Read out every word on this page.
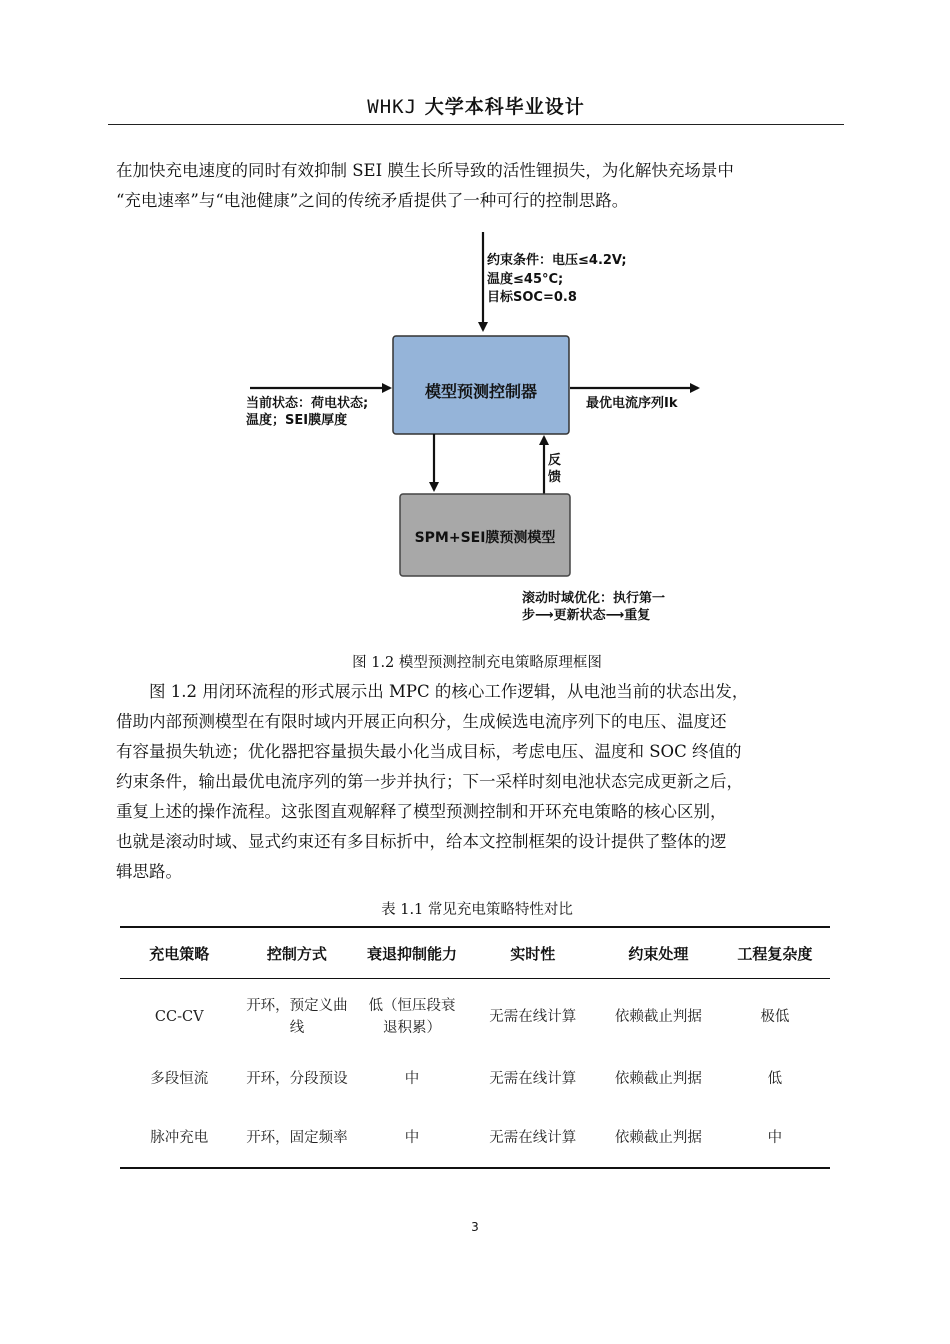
WHKJ 大学本科毕业设计
在加快充电速度的同时有效抑制 SEI 膜生长所导致的活性锂损失，为化解快充场景中
“充电速率”与“电池健康”之间的传统矛盾提供了一种可行的控制思路。
约束条件：电压≤4.2V;
温度≤45°C;
目标SOC=0.8
模型预测控制器
当前状态：荷电状态;
温度；SEI膜厚度
最优电流序列Ik
反
馈
SPM+SEI膜预测模型
滚动时域优化：执行第一
步⟶更新状态⟶重复
图 1.2 模型预测控制充电策略原理框图
图 1.2 用闭环流程的形式展示出 MPC 的核心工作逻辑，从电池当前的状态出发，
借助内部预测模型在有限时域内开展正向积分，生成候选电流序列下的电压、温度还
有容量损失轨迹；优化器把容量损失最小化当成目标，考虑电压、温度和 SOC 终值的
约束条件，输出最优电流序列的第一步并执行；下一采样时刻电池状态完成更新之后，
重复上述的操作流程。这张图直观解释了模型预测控制和开环充电策略的核心区别，
也就是滚动时域、显式约束还有多目标折中，给本文控制框架的设计提供了整体的逻
辑思路。
表 1.1 常见充电策略特性对比
充电策略	控制方式	衰退抑制能力	实时性	约束处理	工程复杂度
CC-CV	开环，预定义曲线	低（恒压段衰退积累）	无需在线计算	依赖截止判据	极低
多段恒流	开环，分段预设	中	无需在线计算	依赖截止判据	低
脉冲充电	开环，固定频率	中	无需在线计算	依赖截止判据	中
3
